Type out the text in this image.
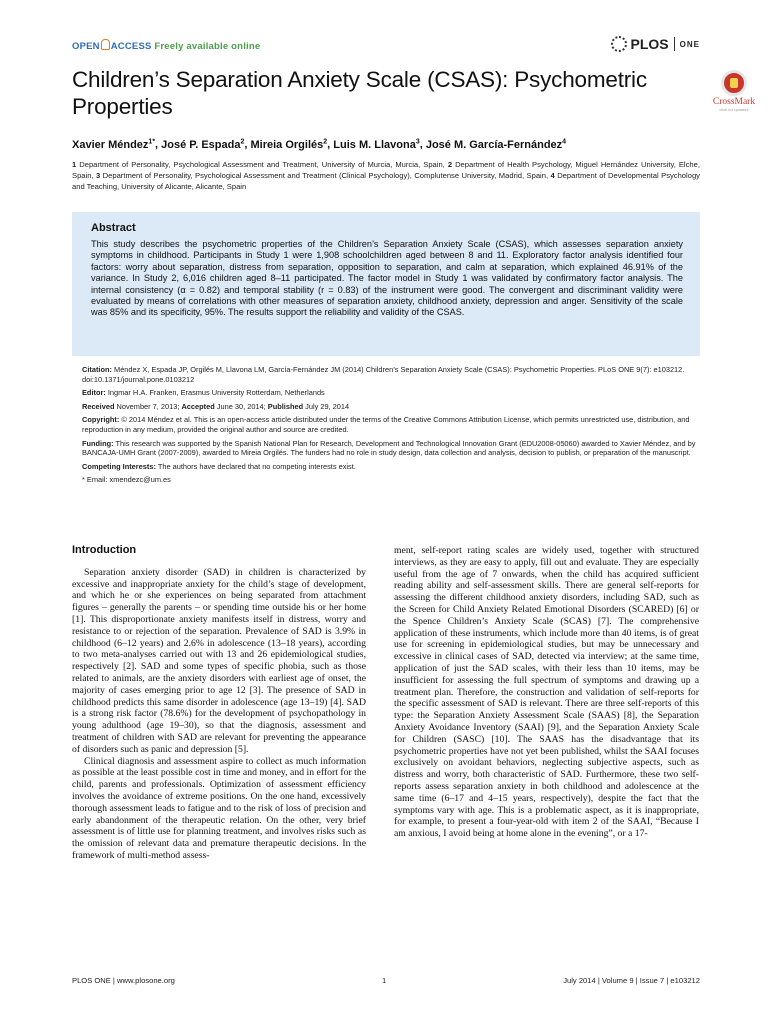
OPEN ACCESS Freely available online	PLOS ONE
Children’s Separation Anxiety Scale (CSAS): Psychometric Properties	CrossMark
click for updates
Xavier Méndez$^{1*}$, José P. Espada$^2$, Mireia Orgilés$^2$, Luis M. Llavona$^3$, José M. García-Fernández$^4$
1 Department of Personality, Psychological Assessment and Treatment, University of Murcia, Murcia, Spain, 2 Department of Health Psychology, Miguel Hernández University, Elche, Spain, 3 Department of Personality, Psychological Assessment and Treatment (Clinical Psychology), Complutense University, Madrid, Spain, 4 Department of Developmental Psychology and Teaching, University of Alicante, Alicante, Spain
Abstract

This study describes the psychometric properties of the Children’s Separation Anxiety Scale (CSAS), which assesses separation anxiety symptoms in childhood. Participants in Study 1 were 1,908 schoolchildren aged between 8 and 11. Exploratory factor analysis identified four factors: worry about separation, distress from separation, opposition to separation, and calm at separation, which explained 46.91% of the variance. In Study 2, 6,016 children aged 8–11 participated. The factor model in Study 1 was validated by confirmatory factor analysis. The internal consistency (α = 0.82) and temporal stability (r = 0.83) of the instrument were good. The convergent and discriminant validity were evaluated by means of correlations with other measures of separation anxiety, childhood anxiety, depression and anger. Sensitivity of the scale was 85% and its specificity, 95%. The results support the reliability and validity of the CSAS.

Citation: Méndez X, Espada JP, Orgilés M, Llavona LM, García-Fernández JM (2014) Children’s Separation Anxiety Scale (CSAS): Psychometric Properties. PLoS ONE 9(7): e103212. doi:10.1371/journal.pone.0103212
Editor: Ingmar H.A. Franken, Erasmus University Rotterdam, Netherlands
Received November 7, 2013; Accepted June 30, 2014; Published July 29, 2014
Copyright: © 2014 Méndez et al. This is an open-access article distributed under the terms of the Creative Commons Attribution License, which permits unrestricted use, distribution, and reproduction in any medium, provided the original author and source are credited.
Funding: This research was supported by the Spanish National Plan for Research, Development and Technological Innovation Grant (EDU2008-05060) awarded to Xavier Méndez, and by BANCAJA-UMH Grant (2007-2009), awarded to Mireia Orgilés. The funders had no role in study design, data collection and analysis, decision to publish, or preparation of the manuscript.
Competing Interests: The authors have declared that no competing interests exist.
* Email: xmendezc@um.es
Introduction

Separation anxiety disorder (SAD) in children is characterized by excessive and inappropriate anxiety for the child’s stage of development, and which he or she experiences on being separated from attachment figures – generally the parents – or spending time outside his or her home [1]. This disproportionate anxiety manifests itself in distress, worry and resistance to or rejection of the separation. Prevalence of SAD is 3.9% in childhood (6–12 years) and 2.6% in adolescence (13–18 years), according to two meta-analyses carried out with 13 and 26 epidemiological studies, respectively [2]. SAD and some types of specific phobia, such as those related to animals, are the anxiety disorders with earliest age of onset, the majority of cases emerging prior to age 12 [3]. The presence of SAD in childhood predicts this same disorder in adolescence (age 13–19) [4]. SAD is a strong risk factor (78.6%) for the development of psychopathology in young adulthood (age 19–30), so that the diagnosis, assessment and treatment of children with SAD are relevant for preventing the appearance of disorders such as panic and depression [5].

Clinical diagnosis and assessment aspire to collect as much information as possible at the least possible cost in time and money, and in effort for the child, parents and professionals. Optimization of assessment efficiency involves the avoidance of extreme positions. On the one hand, excessively thorough assessment leads to fatigue and to the risk of loss of precision and early abandonment of the therapeutic relation. On the other, very brief assessment is of little use for planning treatment, and involves risks such as the omission of relevant data and premature therapeutic decisions. In the framework of multi-method assess-

ment, self-report rating scales are widely used, together with structured interviews, as they are easy to apply, fill out and evaluate. They are especially useful from the age of 7 onwards, when the child has acquired sufficient reading ability and self-assessment skills. There are general self-reports for assessing the different childhood anxiety disorders, including SAD, such as the Screen for Child Anxiety Related Emotional Disorders (SCARED) [6] or the Spence Children’s Anxiety Scale (SCAS) [7]. The comprehensive application of these instruments, which include more than 40 items, is of great use for screening in epidemiological studies, but may be unnecessary and excessive in clinical cases of SAD, detected via interview; at the same time, application of just the SAD scales, with their less than 10 items, may be insufficient for assessing the full spectrum of symptoms and drawing up a treatment plan. Therefore, the construction and validation of self-reports for the specific assessment of SAD is relevant. There are three self-reports of this type: the Separation Anxiety Assessment Scale (SAAS) [8], the Separation Anxiety Avoidance Inventory (SAAI) [9], and the Separation Anxiety Scale for Children (SASC) [10]. The SAAS has the disadvantage that its psychometric properties have not yet been published, whilst the SAAI focuses exclusively on avoidant behaviors, neglecting subjective aspects, such as distress and worry, both characteristic of SAD. Furthermore, these two self-reports assess separation anxiety in both childhood and adolescence at the same time (6–17 and 4–15 years, respectively), despite the fact that the symptoms vary with age. This is a problematic aspect, as it is inappropriate, for example, to present a four-year-old with item 2 of the SAAI, “Because I am anxious, I avoid being at home alone in the evening”, or a 17-

PLOS ONE | www.plosone.org	1	July 2014 | Volume 9 | Issue 7 | e103212
